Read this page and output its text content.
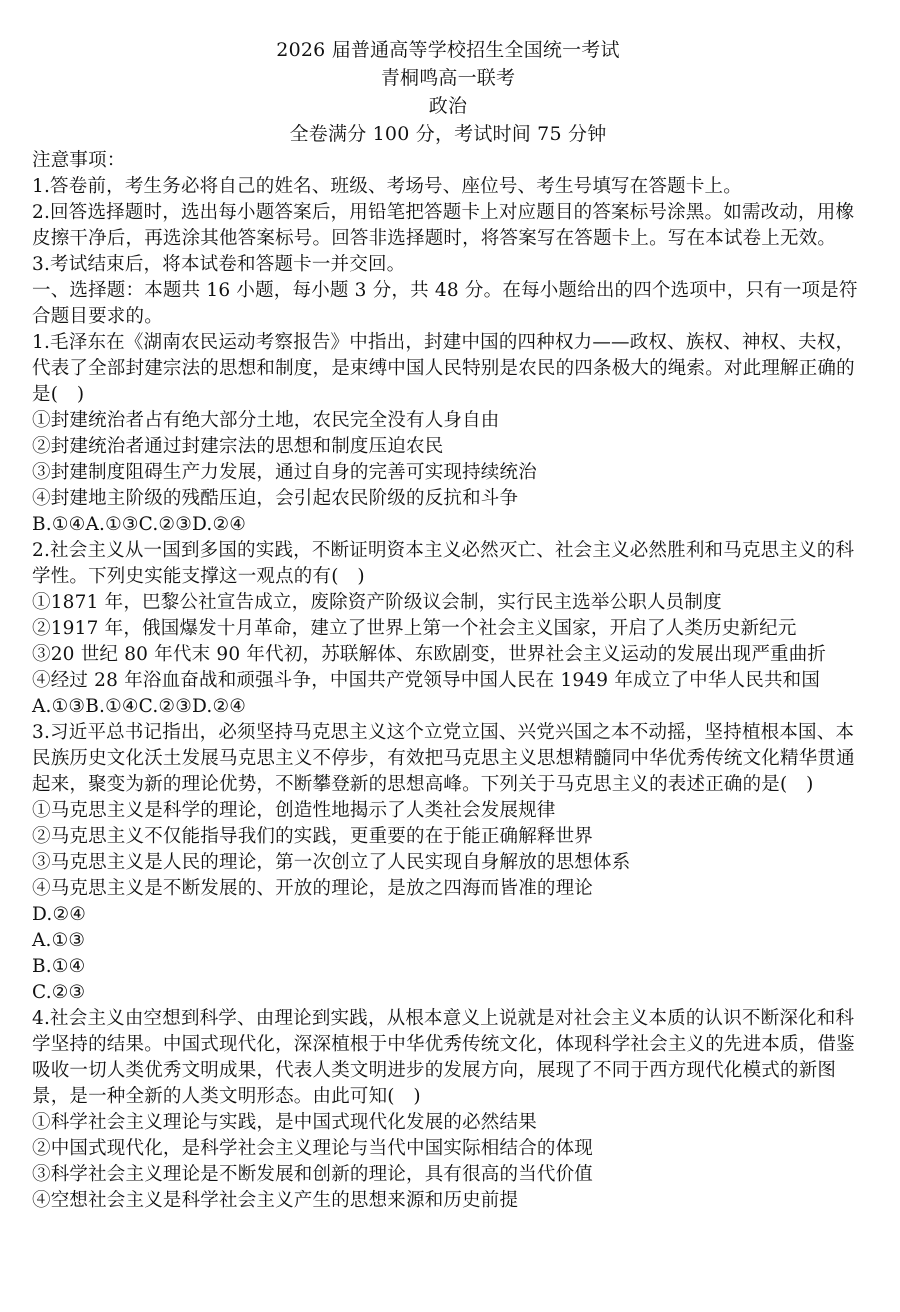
2026 届普通高等学校招生全国统一考试
青桐鸣高一联考
政治
全卷满分 100 分，考试时间 75 分钟

注意事项：

1.答卷前，考生务必将自己的姓名、班级、考场号、座位号、考生号填写在答题卡上。

2.回答选择题时，选出每小题答案后，用铅笔把答题卡上对应题目的答案标号涂黑。如需改动，用橡皮擦干净后，再选涂其他答案标号。回答非选择题时，将答案写在答题卡上。写在本试卷上无效。

3.考试结束后，将本试卷和答题卡一并交回。

一、选择题：本题共 16 小题，每小题 3 分，共 48 分。在每小题给出的四个选项中，只有一项是符合题目要求的。

1.毛泽东在《湖南农民运动考察报告》中指出，封建中国的四种权力——政权、族权、神权、夫权，代表了全部封建宗法的思想和制度，是束缚中国人民特别是农民的四条极大的绳索。对此理解正确的是(　)

①封建统治者占有绝大部分土地，农民完全没有人身自由

②封建统治者通过封建宗法的思想和制度压迫农民

③封建制度阻碍生产力发展，通过自身的完善可实现持续统治

④封建地主阶级的残酷压迫，会引起农民阶级的反抗和斗争

B.①④A.①③C.②③D.②④

2.社会主义从一国到多国的实践，不断证明资本主义必然灭亡、社会主义必然胜利和马克思主义的科学性。下列史实能支撑这一观点的有(　)

①1871 年，巴黎公社宣告成立，废除资产阶级议会制，实行民主选举公职人员制度

②1917 年，俄国爆发十月革命，建立了世界上第一个社会主义国家，开启了人类历史新纪元

③20 世纪 80 年代末 90 年代初，苏联解体、东欧剧变，世界社会主义运动的发展出现严重曲折

④经过 28 年浴血奋战和顽强斗争，中国共产党领导中国人民在 1949 年成立了中华人民共和国

A.①③B.①④C.②③D.②④

3.习近平总书记指出，必须坚持马克思主义这个立党立国、兴党兴国之本不动摇，坚持植根本国、本民族历史文化沃土发展马克思主义不停步，有效把马克思主义思想精髓同中华优秀传统文化精华贯通起来，聚变为新的理论优势，不断攀登新的思想高峰。下列关于马克思主义的表述正确的是(　)

①马克思主义是科学的理论，创造性地揭示了人类社会发展规律

②马克思主义不仅能指导我们的实践，更重要的在于能正确解释世界

③马克思主义是人民的理论，第一次创立了人民实现自身解放的思想体系

④马克思主义是不断发展的、开放的理论，是放之四海而皆准的理论

D.②④

A.①③

B.①④

C.②③

4.社会主义由空想到科学、由理论到实践，从根本意义上说就是对社会主义本质的认识不断深化和科学坚持的结果。中国式现代化，深深植根于中华优秀传统文化，体现科学社会主义的先进本质，借鉴吸收一切人类优秀文明成果，代表人类文明进步的发展方向，展现了不同于西方现代化模式的新图景，是一种全新的人类文明形态。由此可知(　)

①科学社会主义理论与实践，是中国式现代化发展的必然结果

②中国式现代化，是科学社会主义理论与当代中国实际相结合的体现

③科学社会主义理论是不断发展和创新的理论，具有很高的当代价值

④空想社会主义是科学社会主义产生的思想来源和历史前提
